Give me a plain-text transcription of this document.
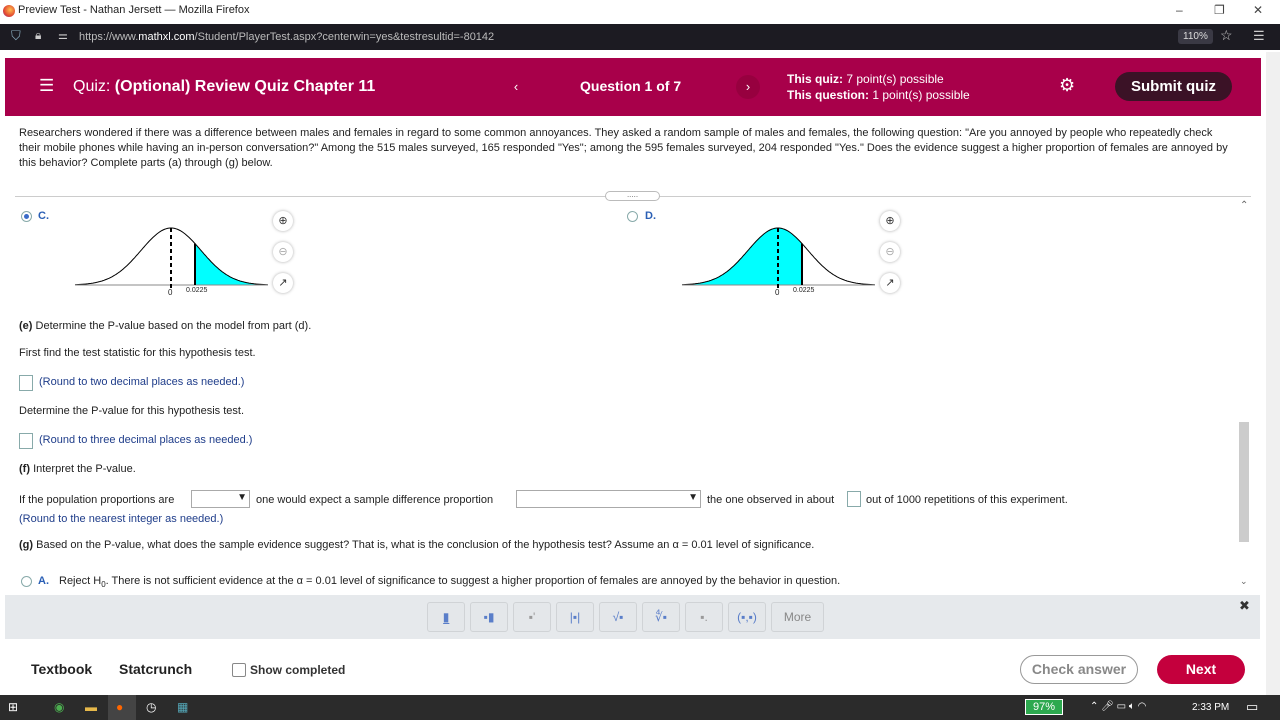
Preview Test - Nathan Jersett — Mozilla Firefox	–	❐ ✕
⛉ 🔒︎ ⚌ https://www.mathxl.com/Student/PlayerTest.aspx?centerwin=yes&testresultid=-80142	110% ☆ ☰
☰ Quiz: (Optional) Review Quiz Chapter 11	‹	Question 1 of 7	›	This quiz: 7 point(s) possible
This question: 1 point(s) possible	⚙	Submit quiz
Researchers wondered if there was a difference between males and females in regard to some common annoyances. They asked a random sample of males and females, the following question: "Are you annoyed by people who repeatedly check their mobile phones while having an in-person conversation?" Among the 515 males surveyed, 165 responded "Yes"; among the 595 females surveyed, 204 responded "Yes." Does the evidence suggest a higher proportion of females are annoyed by this behavior? Complete parts (a) through (g) below.
.....
C.
0 0.0225
⊕
⊖
↗
D.
0 0.0225
⊕
⊖
↗
(e) Determine the P-value based on the model from part (d).
First find the test statistic for this hypothesis test.
(Round to two decimal places as needed.)
Determine the P-value for this hypothesis test.
(Round to three decimal places as needed.)
(f) Interpret the P-value.
If the population proportions are	▼ one would expect a sample difference proportion	▼ the one observed in about	out of 1000 repetitions of this experiment.
(Round to the nearest integer as needed.)
(g) Based on the P-value, what does the sample evidence suggest? That is, what is the conclusion of the hypothesis test? Assume an α = 0.01 level of significance.
A. Reject $H_0$. There is not sufficient evidence at the α = 0.01 level of significance to suggest a higher proportion of females are annoyed by the behavior in question.
⌃
⌄
▮̲	▪▮	▪'	|▪|	√▪	∜▪	▪.	(▪,▪)	More
✖
Textbook Statcrunch	Show completed	Check answer	Next
⊞	◉ ▬ ● ◷ ▦	97%	⌃ 🎤︎ ▭ 🔈︎ ◠	2:33 PM ▭
